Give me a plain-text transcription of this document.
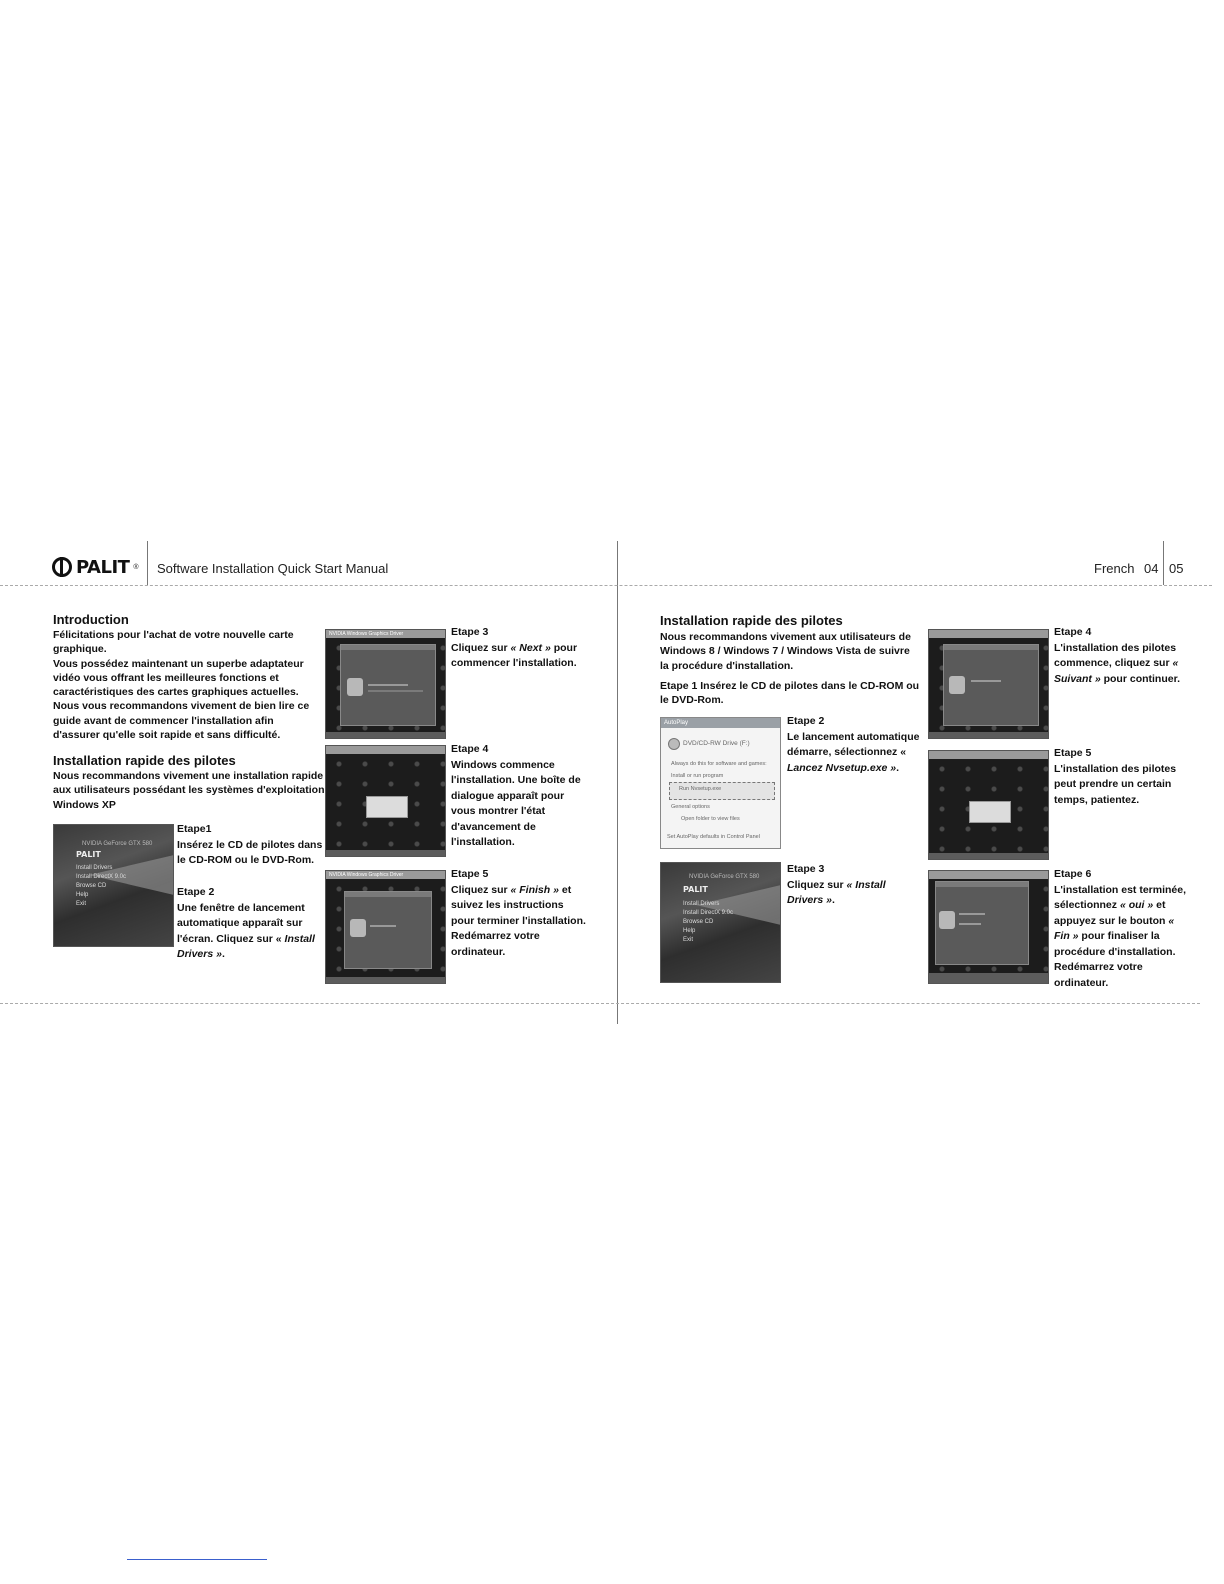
PALIT ® Software Installation Quick Start Manual	French 04 05
Introduction

Félicitations pour l'achat de votre nouvelle carte graphique.

Vous possédez maintenant un superbe adaptateur vidéo vous offrant les meilleures fonctions et caractéristiques des cartes graphiques actuelles.

Nous vous recommandons vivement de bien lire ce guide avant de commencer l'installation afin d'assurer qu'elle soit rapide et sans difficulté.

Installation rapide des pilotes
Nous recommandons vivement une installation rapide aux utilisateurs possédant les systèmes d'exploitation Windows XP
NVIDIA GeForce GTX 580
PALIT
Install Drivers
Install DirectX 9.0c
Browse CD
Help
Exit
Etape1
Insérez le CD de pilotes dans le CD-ROM ou le DVD-Rom.
Etape 2
Une fenêtre de lancement automatique apparaît sur l'écran. Cliquez sur « Install Drivers ».
NVIDIA Windows Graphics Driver
NVIDIA Windows Graphics Driver
Etape 3
Cliquez sur « Next » pour commencer l'installation.
Etape 4
Windows commence l'installation. Une boîte de dialogue apparaît pour vous montrer l'état d'avancement de l'installation.
Etape 5
Cliquez sur « Finish » et suivez les instructions pour terminer l'installation. Redémarrez votre ordinateur.
Installation rapide des pilotes
Nous recommandons vivement aux utilisateurs de Windows 8 / Windows 7 / Windows Vista de suivre la procédure d'installation.
Etape 1 Insérez le CD de pilotes dans le CD-ROM ou le DVD-Rom.
AutoPlay
DVD/CD-RW Drive (F:)
Always do this for software and games:
Install or run program
Run Nvsetup.exe
General options
Open folder to view files
Set AutoPlay defaults in Control Panel
Etape 2
Le lancement automatique démarre, sélectionnez « Lancez Nvsetup.exe ».
NVIDIA GeForce GTX 580
PALIT
Install Drivers
Install DirectX 9.0c
Browse CD
Help
Exit
Etape 3
Cliquez sur « Install Drivers ».
Etape 4
L'installation des pilotes commence, cliquez sur « Suivant » pour continuer.
Etape 5
L'installation des pilotes peut prendre un certain temps, patientez.
Etape 6
L'installation est terminée, sélectionnez « oui » et appuyez sur le bouton « Fin » pour finaliser la procédure d'installation. Redémarrez votre ordinateur.
